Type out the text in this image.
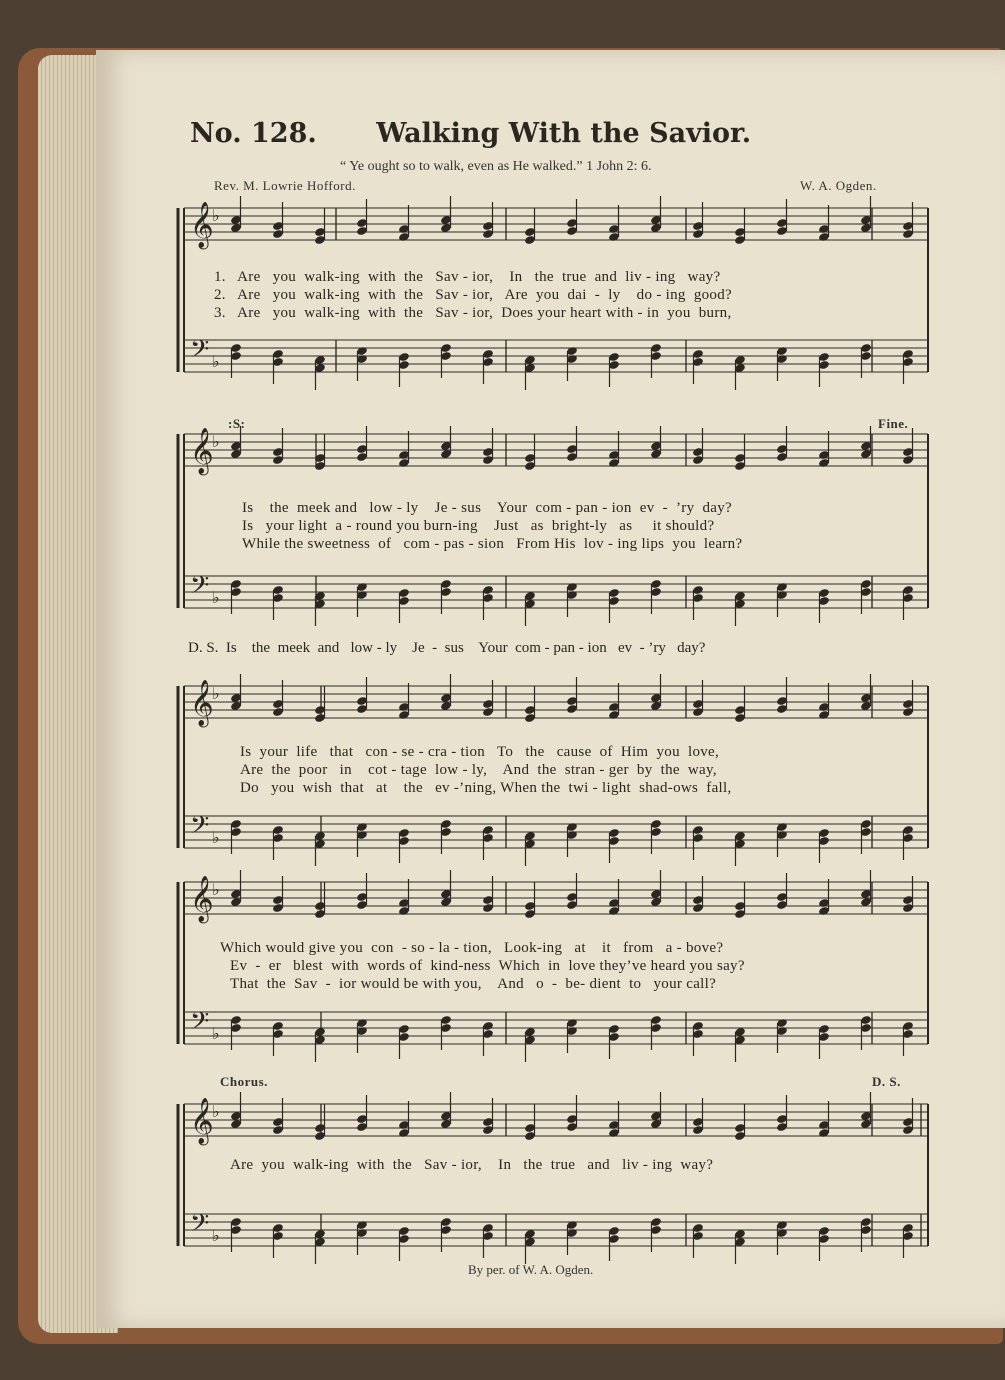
No. 128. Walking With the Savior.
“ Ye ought so to walk, even as He walked.” 1 John 2: 6.
Rev. M. Lowrie Hofford.	W. A. Ogden.
:S:	Fine.
Chorus.	D. S.
𝄞
♭
𝄢 ♭
1.   Are   you  walk-ing  with  the   Sav - ior,    In   the  true  and  liv - ing   way?
2.   Are   you  walk-ing  with  the   Sav - ior,   Are  you  dai  -  ly    do - ing  good?
3.   Are   you  walk-ing  with  the   Sav - ior,  Does your heart with - in  you  burn,
𝄞
♭
𝄢 ♭
Is    the  meek and   low - ly    Je - sus    Your  com - pan - ion  ev  -  ’ry  day?
Is   your light  a - round you burn-ing    Just   as  bright-ly   as     it should?
While the sweetness  of   com - pas - sion   From His  lov - ing lips  you  learn?
D. S.  Is    the  meek  and   low - ly    Je  -  sus    Your  com - pan - ion   ev  - ’ry   day?
𝄞
♭
𝄢 ♭
Is  your  life   that   con - se - cra - tion   To   the   cause  of  Him  you  love,
Are  the  poor   in    cot - tage  low - ly,    And  the  stran - ger  by  the  way,
Do   you  wish  that   at    the   ev -’ning, When the  twi - light  shad-ows  fall,
𝄞
♭
𝄢 ♭
Which would give you  con  - so - la - tion,   Look-ing   at    it   from   a - bove?
Ev  -  er   blest  with  words of  kind-ness  Which  in  love they’ve heard you say?
That  the  Sav  -  ior would be with you,    And   o  -  be- dient  to   your call?
𝄞
♭
𝄢 ♭
Are  you  walk-ing  with  the   Sav - ior,    In   the  true   and   liv - ing  way?
By per. of W. A. Ogden.
